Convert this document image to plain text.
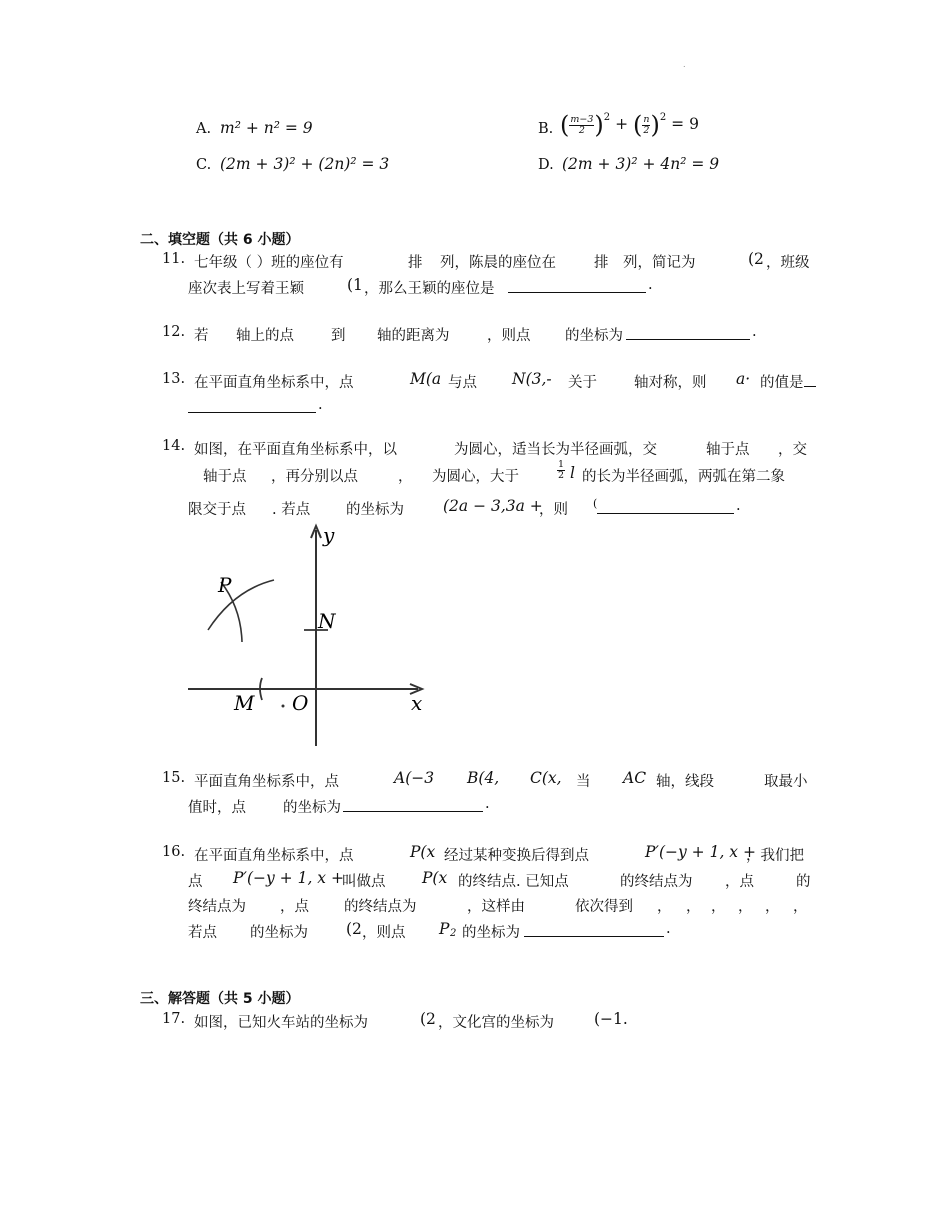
.
A. m² + n² = 9	B. ( $\frac{m-3}{2} )^2$ + ( $\frac{n}{2} )^2 = 9$
C. (2m + 3)² + (2n)² = 3	D. (2m + 3)² + 4n² = 9
二、填空题（共 6 小题）
11. 七年级（ ）班的座位有	排 列，陈晨的座位在	排 列，简记为	(2 ，班级
座次表上写着王颖	(1 ，那么王颖的座位是	.
12. 若 轴上的点	到 轴的距离为	，则点 的坐标为	.
13. 在平面直角坐标系中，点	M(a 与点 N(3,- 关于	轴对称，则 a· 的值是
.
14. 如图，在平面直角坐标系中，以	为圆心，适当长为半径画弧，交	轴于点 ，交
轴于点 ，再分别以点	， 为圆心，大于	$\frac{1}{2}$ l 的长为半径画弧，两弧在第二象
限交于点 . 若点 的坐标为	(2a − 3,3a +
，则 (	.
y
x
O
N
M
P
15. 平面直角坐标系中，点	A(−3 B(4, C(x, 当 AC 轴，线段	取最小
值时，点	的坐标为	.
16. 在平面直角坐标系中，点	P(x 经过某种变换后得到点	P′(−y + 1, x +
，我们把
点 P′(−y + 1, x +
叫做点 P(x 的终结点. 已知点	的终结点为 ，点	的
终结点为 ，点 的终结点为	，这样由	依次得到 ， ， ， ， ， ，
若点 的坐标为 (2 ，则点 P 2 的坐标为	.
三、解答题（共 5 小题）
17. 如图，已知火车站的坐标为	(2 ，文化宫的坐标为	(−1.
